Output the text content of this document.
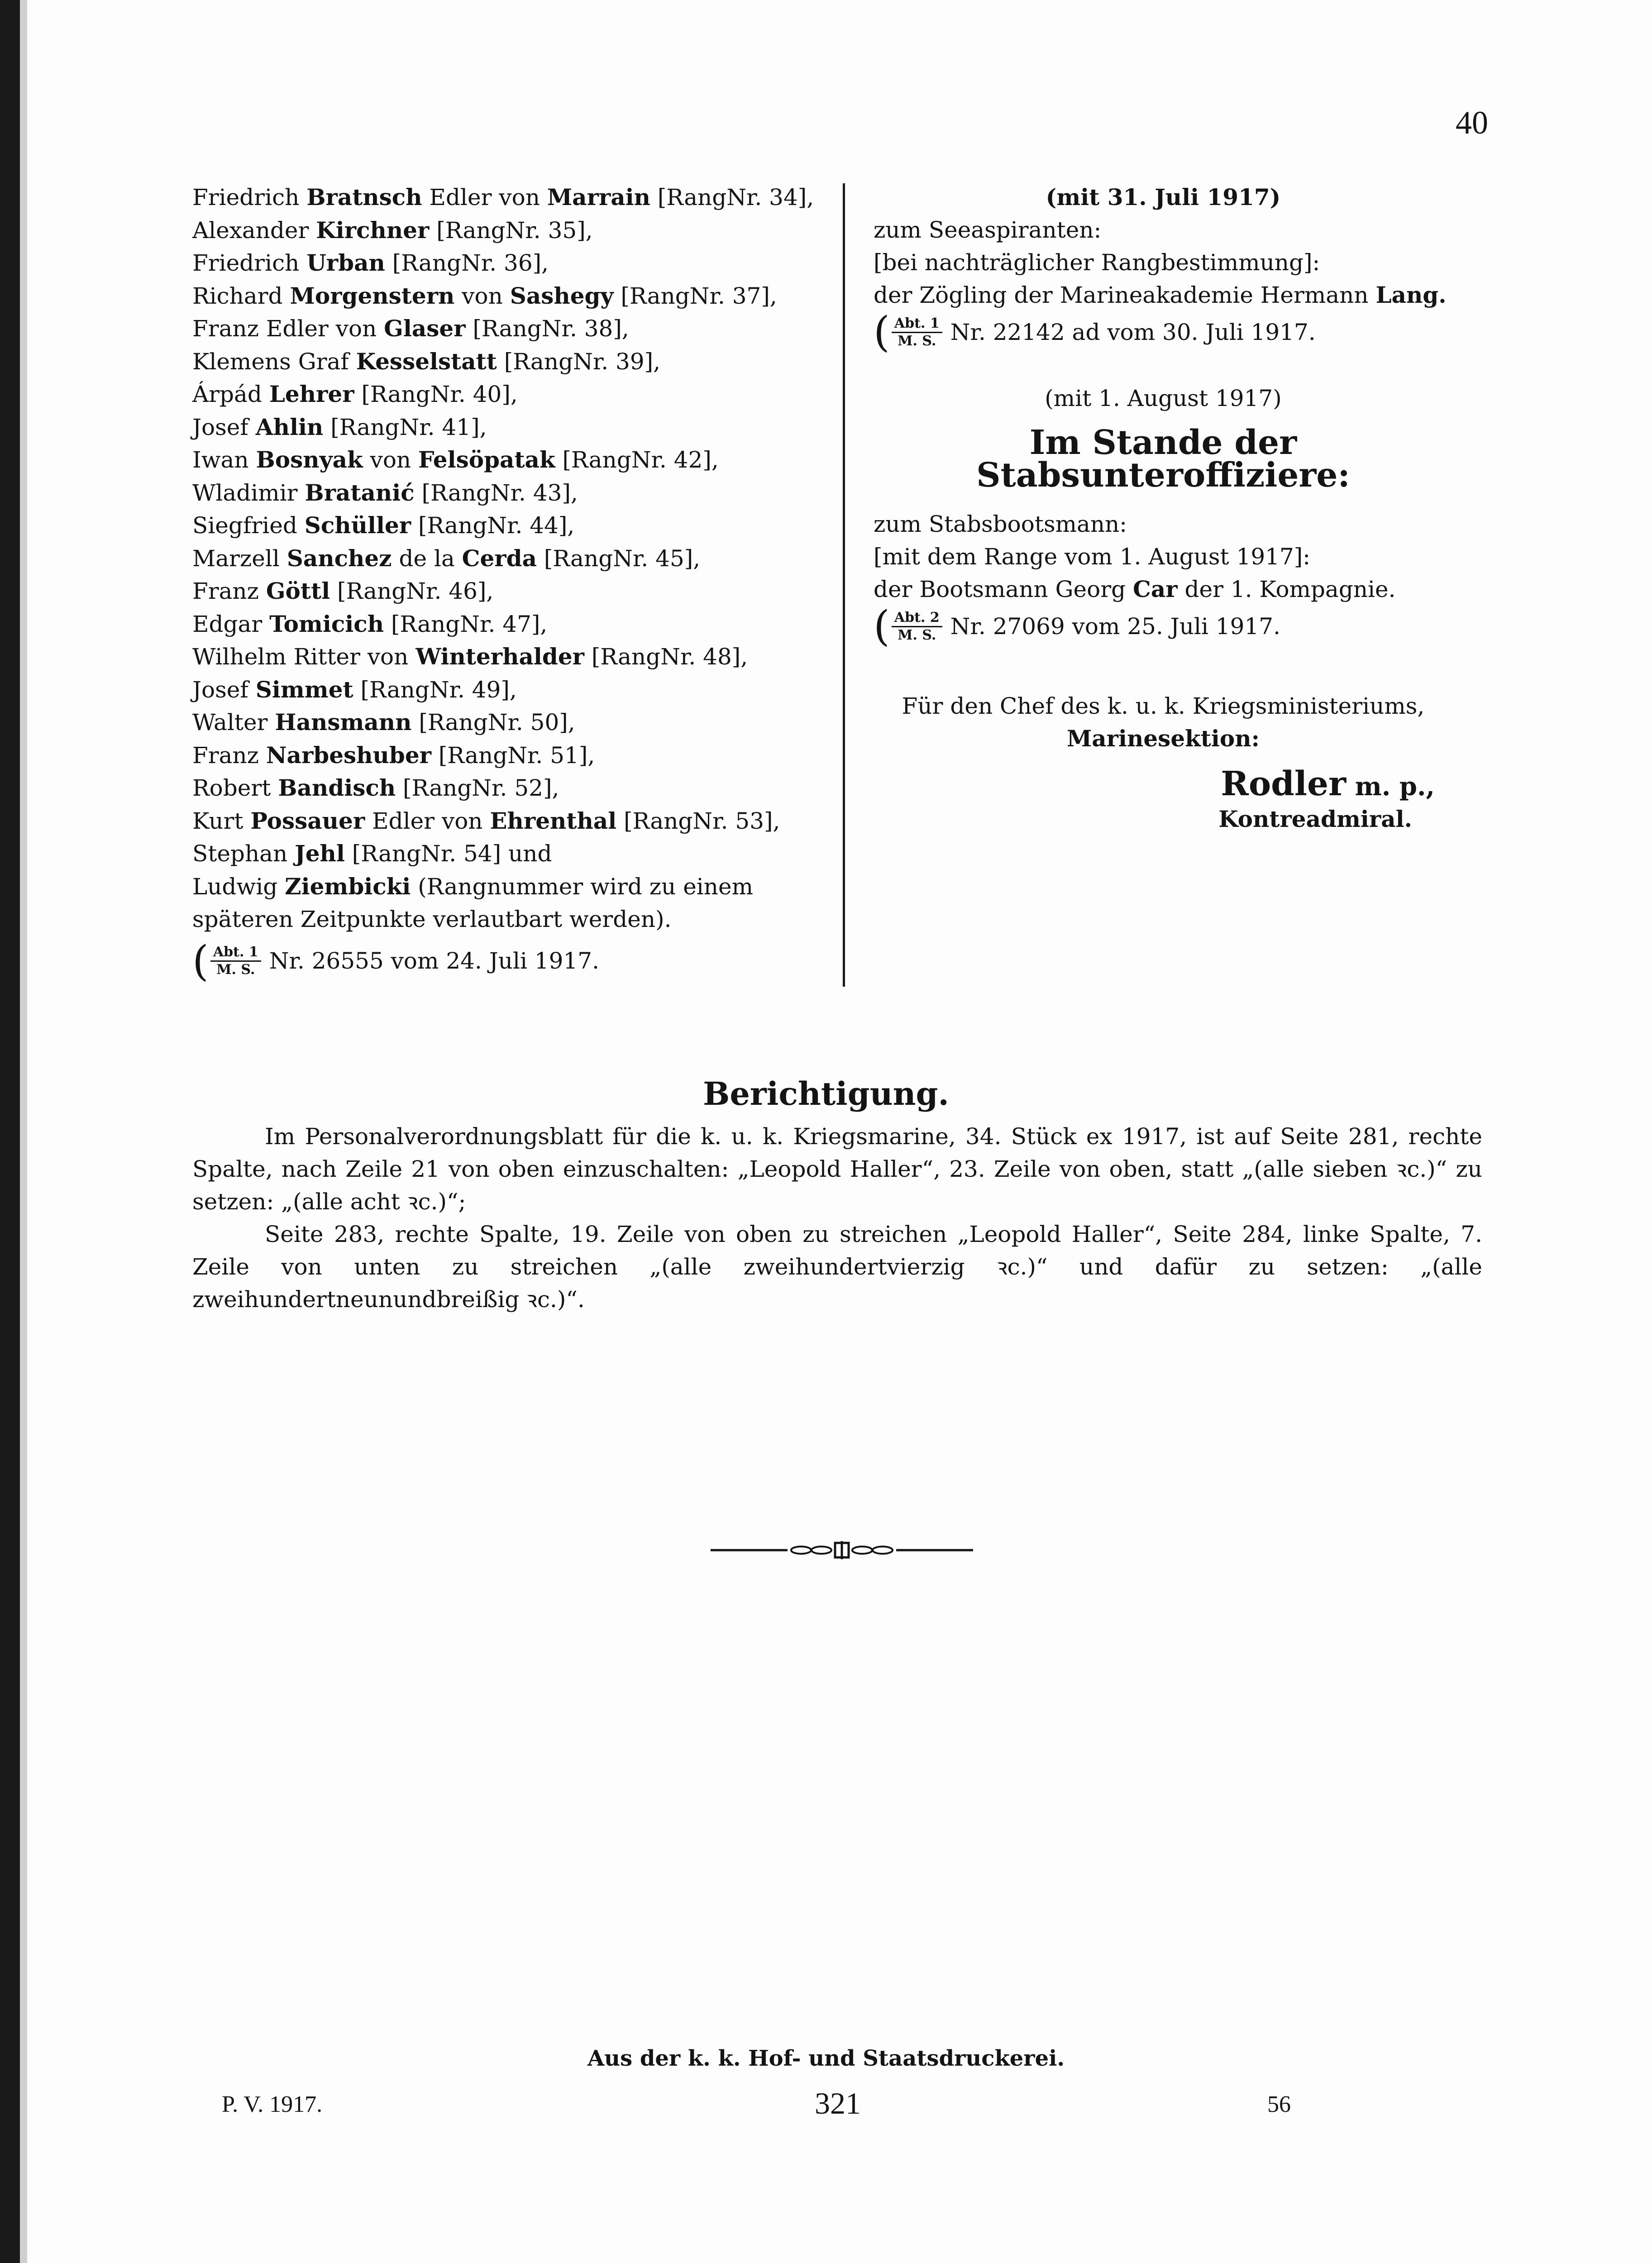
40
Friedrich Bratnsch Edler von Marrain [RangNr. 34],
Alexander Kirchner [RangNr. 35],
Friedrich Urban [RangNr. 36],
Richard Morgenstern von Sashegy [RangNr. 37],
Franz Edler von Glaser [RangNr. 38],
Klemens Graf Kesselstatt [RangNr. 39],
Árpád Lehrer [RangNr. 40],
Josef Ahlin [RangNr. 41],
Iwan Bosnyak von Felsöpatak [RangNr. 42],
Wladimir Bratanić [RangNr. 43],
Siegfried Schüller [RangNr. 44],
Marzell Sanchez de la Cerda [RangNr. 45],
Franz Göttl [RangNr. 46],
Edgar Tomicich [RangNr. 47],
Wilhelm Ritter von Winterhalder [RangNr. 48],
Josef Simmet [RangNr. 49],
Walter Hansmann [RangNr. 50],
Franz Narbeshuber [RangNr. 51],
Robert Bandisch [RangNr. 52],
Kurt Possauer Edler von Ehrenthal [RangNr. 53],
Stephan Jehl [RangNr. 54] und
Ludwig Ziembicki (Rangnummer wird zu einem späteren Zeitpunkte verlautbart werden).
( $\frac{\text{Abt. 1}}{M. S.} Nr$. 26555 vom 24. Juli 1917.
(mit 31. Juli 1917)
zum Seeaspiranten:
[bei nachträglicher Rangbestimmung]:
der Zögling der Marineakademie Hermann Lang.
( $\frac{\text{Abt. 1}}{M. S.} Nr$. 22142 ad vom 30. Juli 1917.
(mit 1. August 1917)
Im Stande der Stabsunteroffiziere:
zum Stabsbootsmann:
[mit dem Range vom 1. August 1917]:
der Bootsmann Georg Car der 1. Kompagnie.
( $\frac{\text{Abt. 2}}{M. S.} Nr$. 27069 vom 25. Juli 1917.
Für den Chef des k. u. k. Kriegsministeriums,
Marinesektion:
Rodler m. p.,
Kontreadmiral.
Berichtigung.

Im Personalverordnungsblatt für die k. u. k. Kriegsmarine, 34. Stück ex 1917, ist auf Seite 281, rechte Spalte, nach Zeile 21 von oben einzuschalten: „Leopold Haller“, 23. Zeile von oben, statt „(alle sieben ꝛc.)“ zu setzen: „(alle acht ꝛc.)“;

Seite 283, rechte Spalte, 19. Zeile von oben zu streichen „Leopold Haller“, Seite 284, linke Spalte, 7. Zeile von unten zu streichen „(alle zweihundertvierzig ꝛc.)“ und dafür zu setzen: „(alle zweihundertneunundbreißig ꝛc.)“.

Aus der k. k. Hof- und Staatsdruckerei.
P. V. 1917.	321	56
